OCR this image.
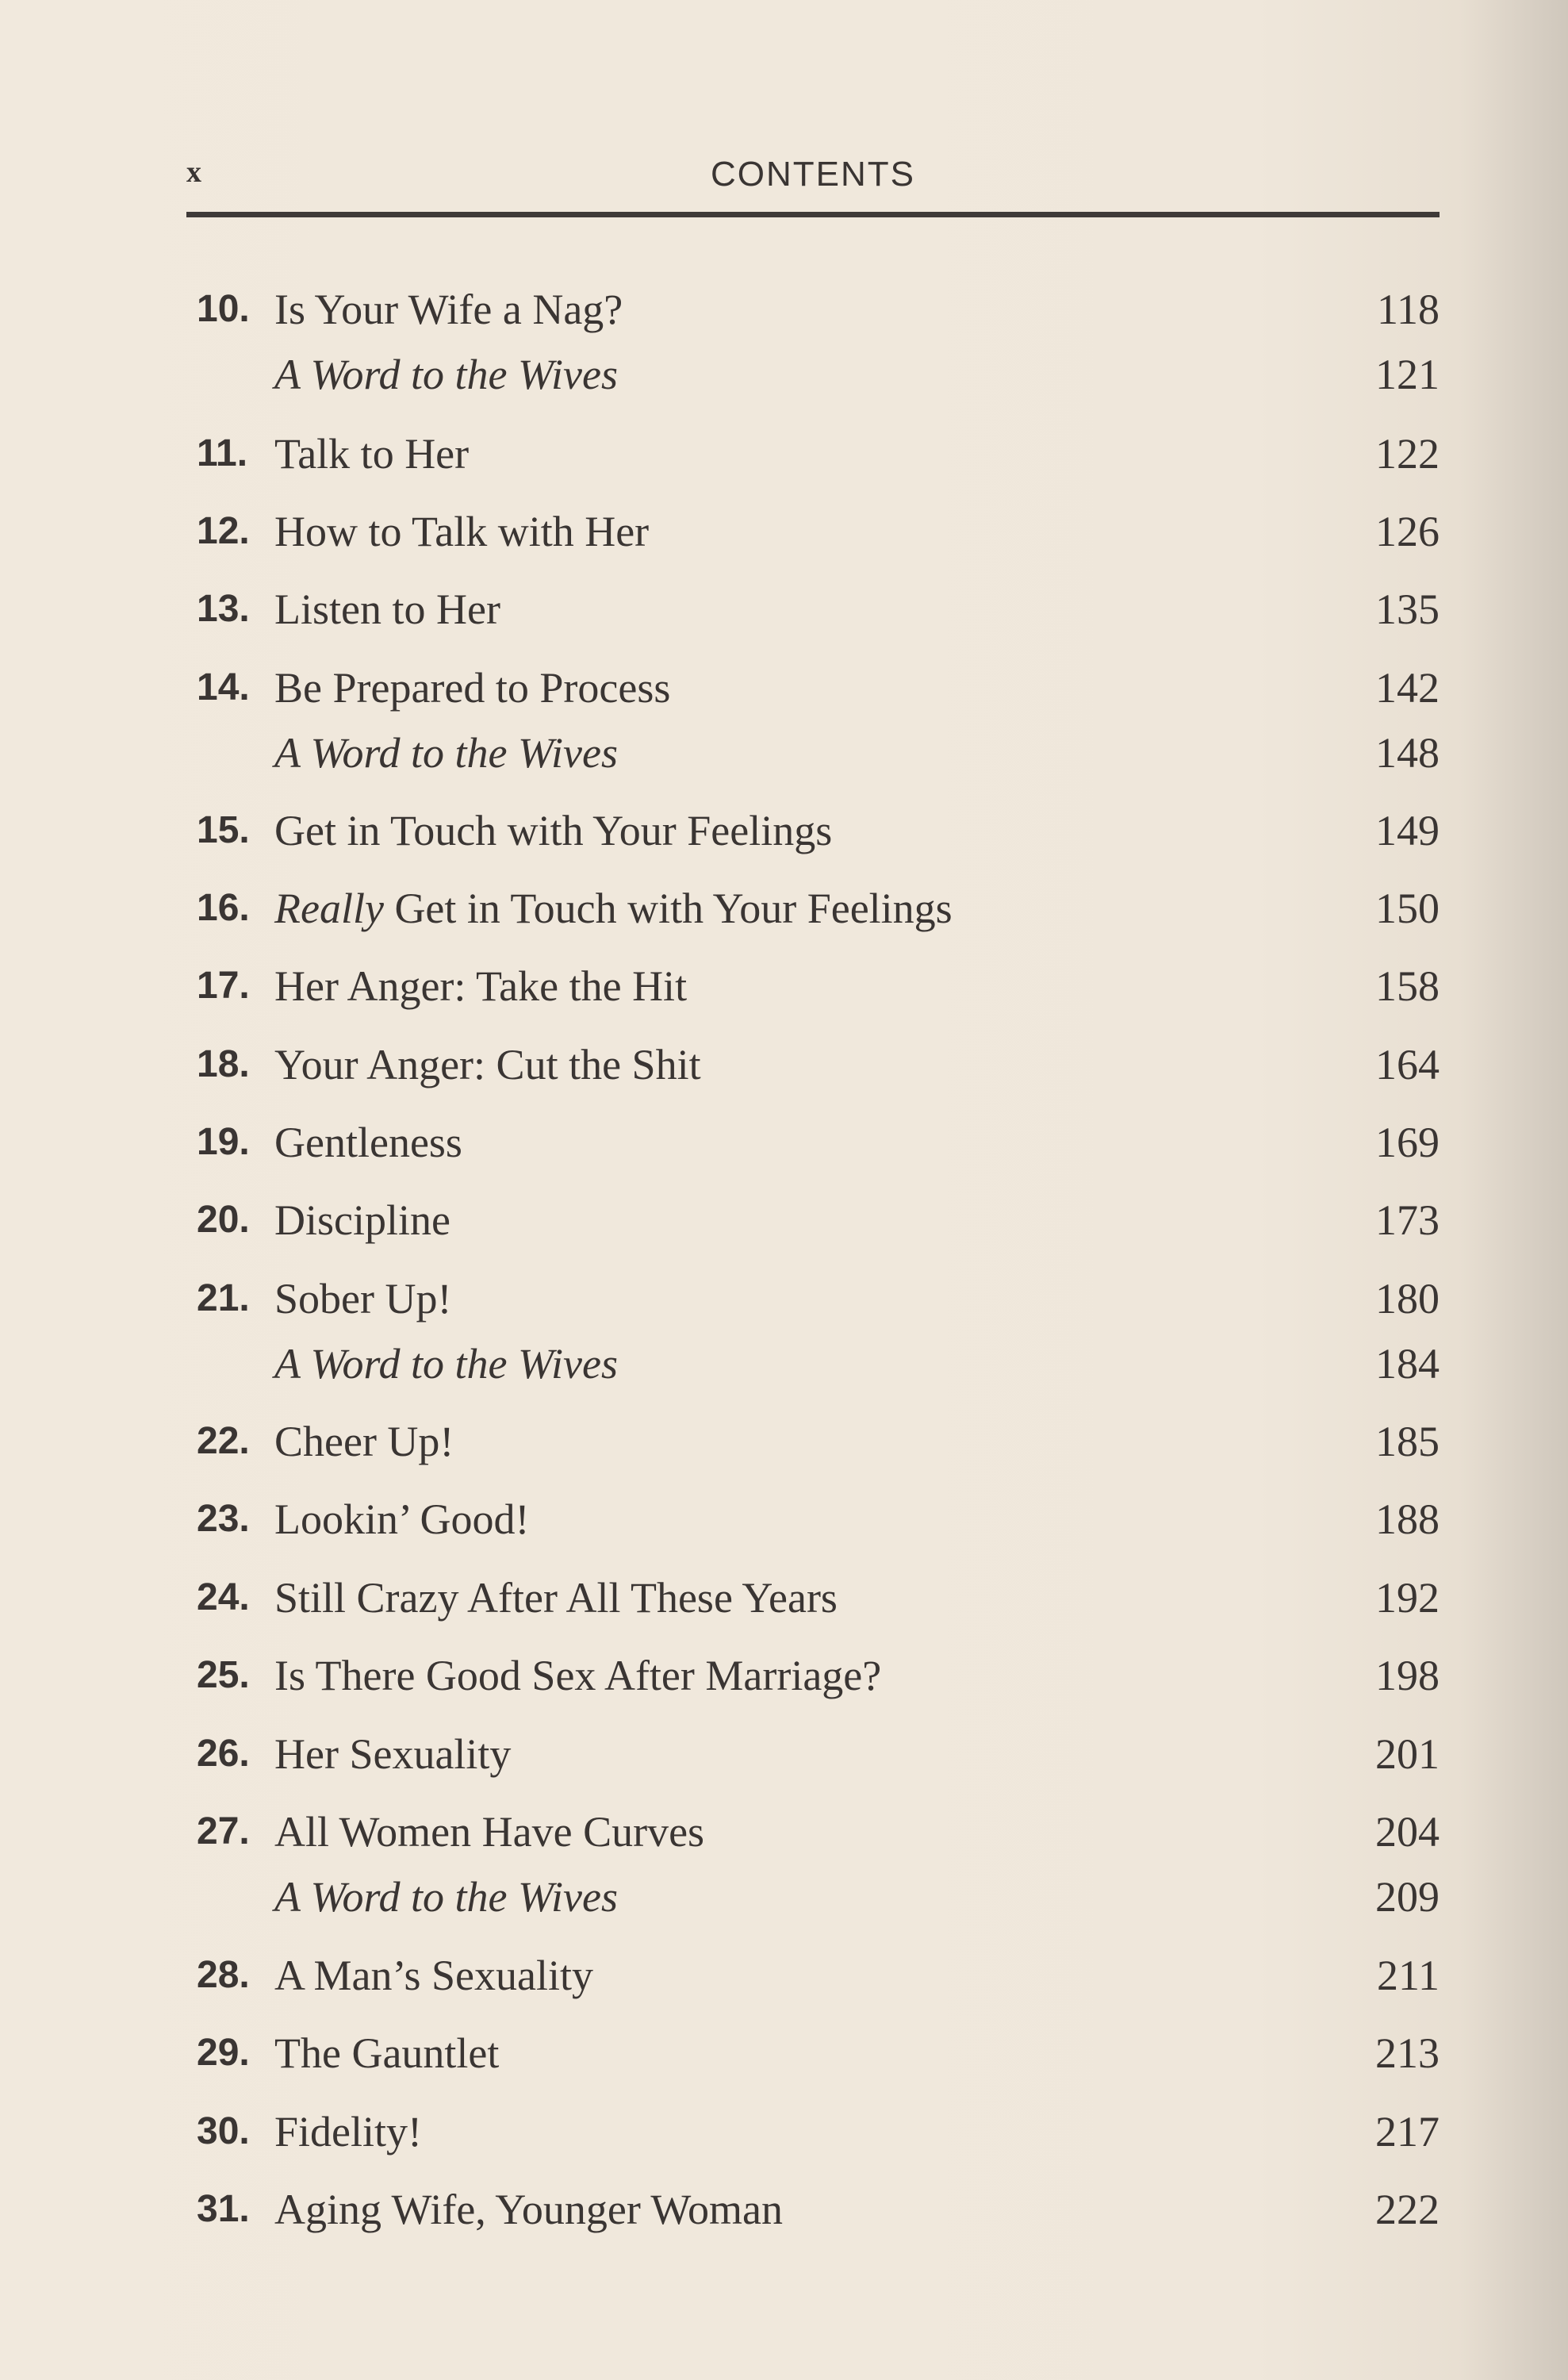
x	CONTENTS
10. Is Your Wife a Nag?	118
A Word to the Wives	121
11. Talk to Her	122
12. How to Talk with Her	126
13. Listen to Her	135
14. Be Prepared to Process	142
A Word to the Wives	148
15. Get in Touch with Your Feelings	149
16. Really Get in Touch with Your Feelings	150
17. Her Anger: Take the Hit	158
18. Your Anger: Cut the Shit	164
19. Gentleness	169
20. Discipline	173
21. Sober Up!	180
A Word to the Wives	184
22. Cheer Up!	185
23. Lookin’ Good!	188
24. Still Crazy After All These Years	192
25. Is There Good Sex After Marriage?	198
26. Her Sexuality	201
27. All Women Have Curves	204
A Word to the Wives	209
28. A Man’s Sexuality	211
29. The Gauntlet	213
30. Fidelity!	217
31. Aging Wife, Younger Woman	222
